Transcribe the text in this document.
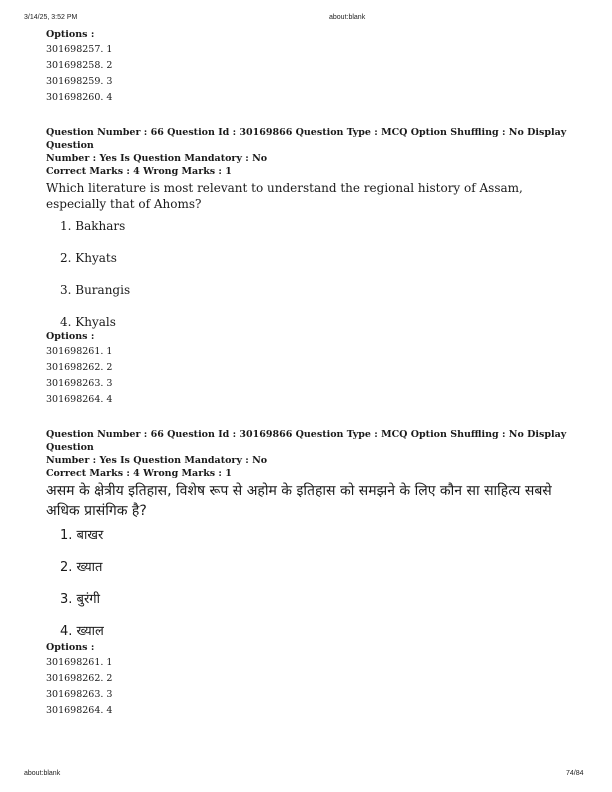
3/14/25, 3:52 PM	about:blank
Options :
301698257. 1
301698258. 2
301698259. 3
301698260. 4
Question Number : 66 Question Id : 30169866 Question Type : MCQ Option Shuffling : No Display Question
Number : Yes Is Question Mandatory : No
Correct Marks : 4 Wrong Marks : 1
Which literature is most relevant to understand the regional history of Assam, especially that of Ahoms?
1. Bakhars
2. Khyats
3. Burangis
4. Khyals
Options :
301698261. 1
301698262. 2
301698263. 3
301698264. 4
Question Number : 66 Question Id : 30169866 Question Type : MCQ Option Shuffling : No Display Question
Number : Yes Is Question Mandatory : No
Correct Marks : 4 Wrong Marks : 1
असम के क्षेत्रीय इतिहास, विशेष रूप से अहोम के इतिहास को समझने के लिए कौन सा साहित्य सबसे अधिक प्रासंगिक है?
1. बाखर
2. ख्यात
3. बुरंगी
4. ख्याल
Options :
301698261. 1
301698262. 2
301698263. 3
301698264. 4
about:blank	74/84
